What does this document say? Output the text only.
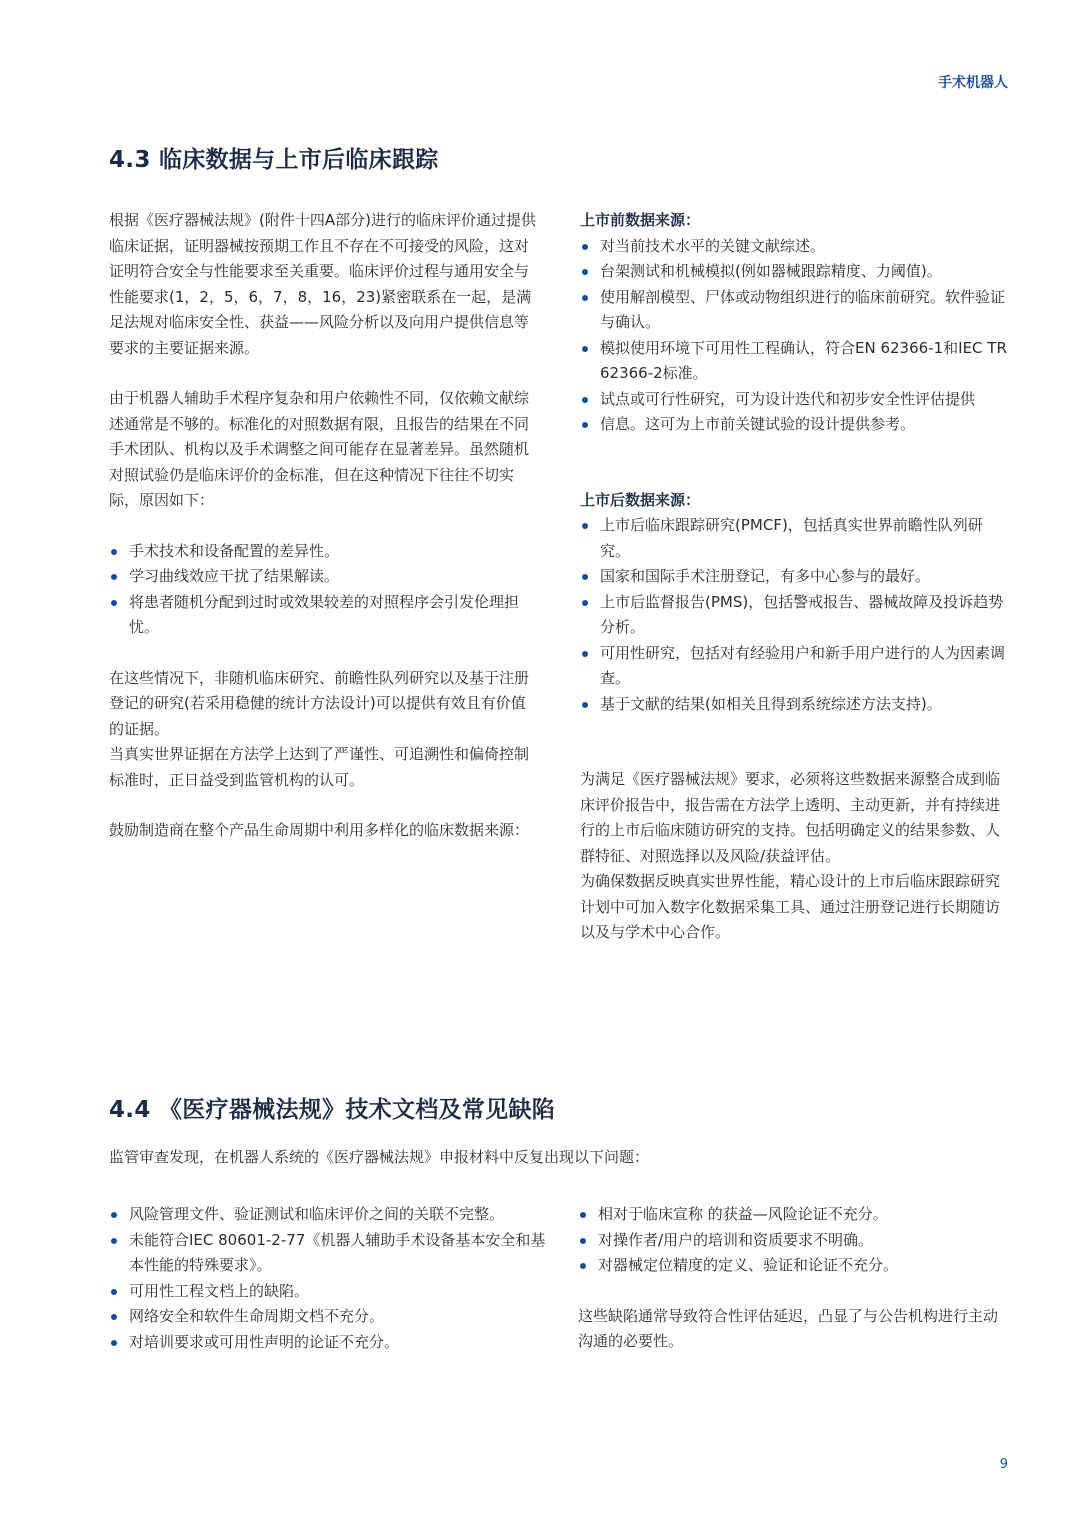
手术机器人
4.3 临床数据与上市后临床跟踪

根据《医疗器械法规》(附件十四A部分)进行的临床评价通过提供临床证据，证明器械按预期工作且不存在不可接受的风险，这对证明符合安全与性能要求至关重要。临床评价过程与通用安全与性能要求(1，2，5，6，7，8，16，23)紧密联系在一起，是满足法规对临床安全性、获益——风险分析以及向用户提供信息等要求的主要证据来源。

由于机器人辅助手术程序复杂和用户依赖性不同，仅依赖文献综述通常是不够的。标准化的对照数据有限，且报告的结果在不同手术团队、机构以及手术调整之间可能存在显著差异。虽然随机对照试验仍是临床评价的金标准，但在这种情况下往往不切实际，原因如下：

手术技术和设备配置的差异性。
学习曲线效应干扰了结果解读。
将患者随机分配到过时或效果较差的对照程序会引发伦理担忧。

在这些情况下，非随机临床研究、前瞻性队列研究以及基于注册登记的研究(若采用稳健的统计方法设计)可以提供有效且有价值的证据。

当真实世界证据在方法学上达到了严谨性、可追溯性和偏倚控制标准时，正日益受到监管机构的认可。

鼓励制造商在整个产品生命周期中利用多样化的临床数据来源：

上市前数据来源：
对当前技术水平的关键文献综述。
台架测试和机械模拟(例如器械跟踪精度、力阈值)。
使用解剖模型、尸体或动物组织进行的临床前研究。软件验证与确认。
模拟使用环境下可用性工程确认，符合EN 62366-1和IEC TR 62366-2标准。
试点或可行性研究，可为设计迭代和初步安全性评估提供
信息。这可为上市前关键试验的设计提供参考。
上市后数据来源：
上市后临床跟踪研究(PMCF)，包括真实世界前瞻性队列研究。
国家和国际手术注册登记，有多中心参与的最好。
上市后监督报告(PMS)，包括警戒报告、器械故障及投诉趋势分析。
可用性研究，包括对有经验用户和新手用户进行的人为因素调查。
基于文献的结果(如相关且得到系统综述方法支持)。

为满足《医疗器械法规》要求，必须将这些数据来源整合成到临床评价报告中，报告需在方法学上透明、主动更新，并有持续进行的上市后临床随访研究的支持。包括明确定义的结果参数、人群特征、对照选择以及风险/获益评估。

为确保数据反映真实世界性能，精心设计的上市后临床跟踪研究计划中可加入数字化数据采集工具、通过注册登记进行长期随访以及与学术中心合作。

4.4 《医疗器械法规》技术文档及常见缺陷

监管审查发现，在机器人系统的《医疗器械法规》申报材料中反复出现以下问题：

风险管理文件、验证测试和临床评价之间的关联不完整。
未能符合IEC 80601-2-77《机器人辅助手术设备基本安全和基本性能的特殊要求》。
可用性工程文档上的缺陷。
网络安全和软件生命周期文档不充分。
对培训要求或可用性声明的论证不充分。
相对于临床宣称 的获益—风险论证不充分。
对操作者/用户的培训和资质要求不明确。
对器械定位精度的定义、验证和论证不充分。

这些缺陷通常导致符合性评估延迟，凸显了与公告机构进行主动沟通的必要性。

9
